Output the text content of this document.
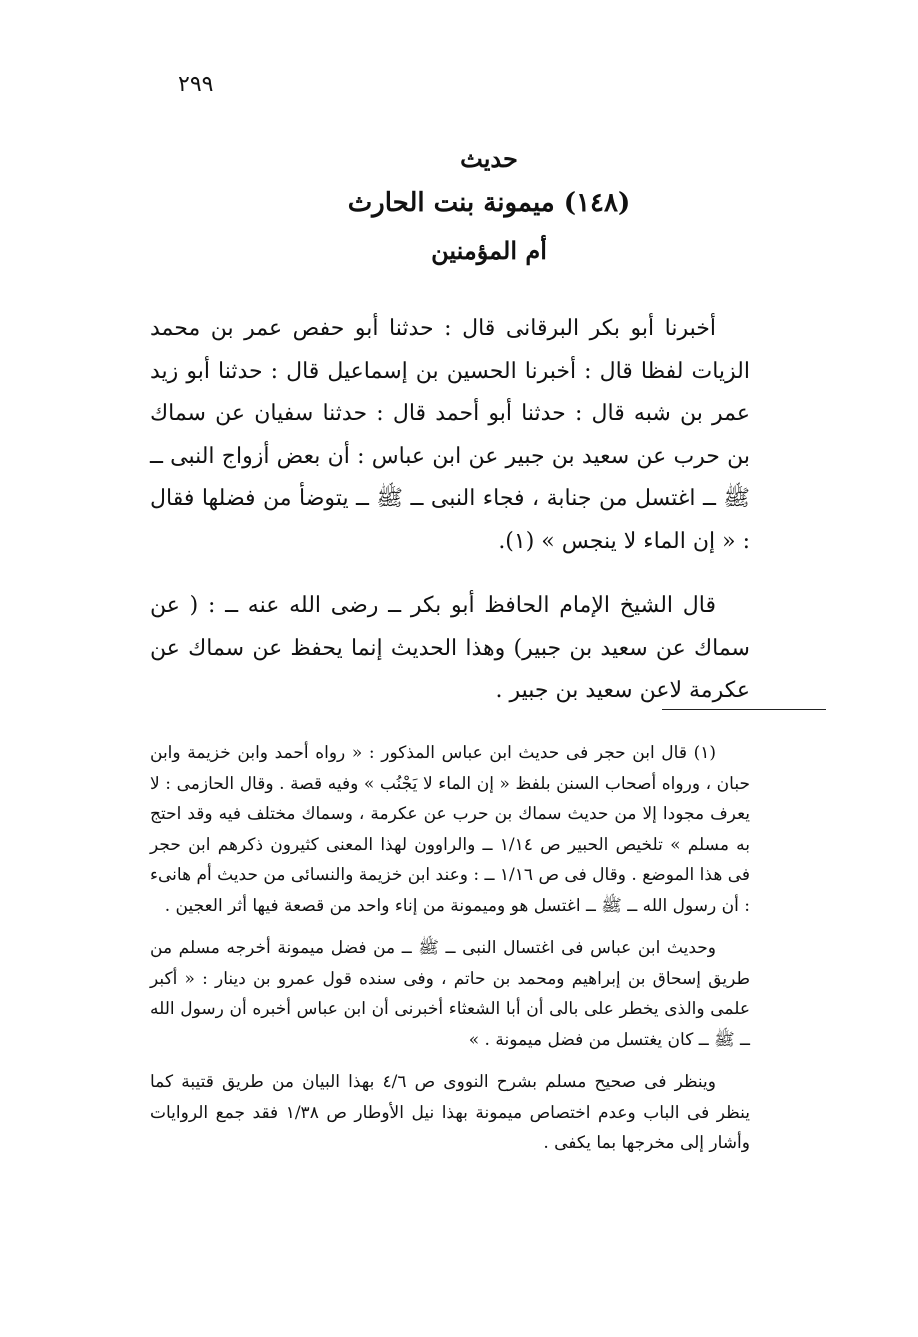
٢٩٩
حديث
(١٤٨) ميمونة بنت الحارث
أم المؤمنين

أخبرنا أبو بكر البرقانى قال : حدثنا أبو حفص عمر بن محمد الزيات لفظا قال : أخبرنا الحسين بن إسماعيل قال : حدثنا أبو زيد عمر بن شبه قال : حدثنا أبو أحمد قال : حدثنا سفيان عن سماك بن حرب عن سعيد بن جبير عن ابن عباس : أن بعض أزواج النبى ــ ﷺ ــ اغتسل من جنابة ، فجاء النبى ــ ﷺ ــ يتوضأ من فضلها فقال : « إن الماء لا ينجس » (١).

قال الشيخ الإمام الحافظ أبو بكر ــ رضى الله عنه ــ : ( عن سماك عن سعيد بن جبير) وهذا الحديث إنما يحفظ عن سماك عن عكرمة لاعن سعيد بن جبير .

(١) قال ابن حجر فى حديث ابن عباس المذكور : « رواه أحمد وابن خزيمة وابن حبان ، ورواه أصحاب السنن بلفظ « إن الماء لا يَجْنُب » وفيه قصة . وقال الحازمى : لا يعرف مجودا إلا من حديث سماك بن حرب عن عكرمة ، وسماك مختلف فيه وقد احتج به مسلم » تلخيص الحبير ص ١/١٤ ــ والراوون لهذا المعنى كثيرون ذكرهم ابن حجر فى هذا الموضع . وقال فى ص ١/١٦ ــ : وعند ابن خزيمة والنسائى من حديث أم هانىء : أن رسول الله ــ ﷺ ــ اغتسل هو وميمونة من إناء واحد من قصعة فيها أثر العجين .

وحديث ابن عباس فى اغتسال النبى ــ ﷺ ــ من فضل ميمونة أخرجه مسلم من طريق إسحاق بن إبراهيم ومحمد بن حاتم ، وفى سنده قول عمرو بن دينار : « أكبر علمى والذى يخطر على بالى أن أبا الشعثاء أخبرنى أن ابن عباس أخبره أن رسول الله ــ ﷺ ــ كان يغتسل من فضل ميمونة . »

وينظر فى صحيح مسلم بشرح النووى ص ٤/٦ بهذا البيان من طريق قتيبة كما ينظر فى الباب وعدم اختصاص ميمونة بهذا نيل الأوطار ص ١/٣٨ فقد جمع الروايات وأشار إلى مخرجها بما يكفى .
